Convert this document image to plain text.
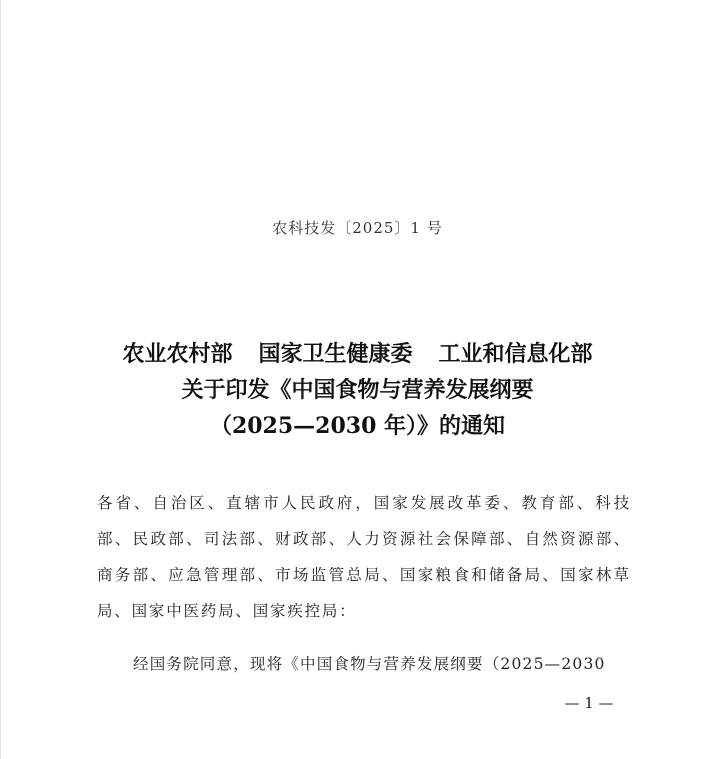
农科技发〔2025〕1 号
农业农村部 国家卫生健康委 工业和信息化部
关于印发《中国食物与营养发展纲要
（2025—2030 年）》的通知
各省、自治区、直辖市人民政府，国家发展改革委、教育部、科技部、民政部、司法部、财政部、人力资源社会保障部、自然资源部、商务部、应急管理部、市场监管总局、国家粮食和储备局、国家林草局、国家中医药局、国家疾控局：
经国务院同意，现将《中国食物与营养发展纲要（2025—2030
— 1 —
